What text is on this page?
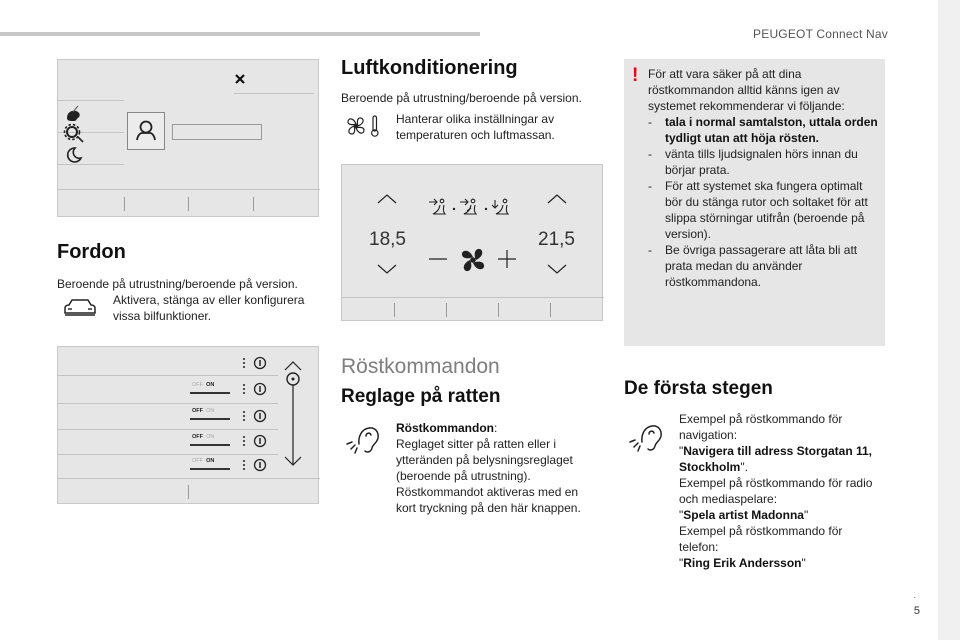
PEUGEOT Connect Nav
.
5
Fordon
Beroende på utrustning/beroende på version.
Aktivera, stänga av eller konfigurera vissa bilfunktioner.
OFF ON
OFF ON
OFF ON
OFF ON
Luftkonditionering
Beroende på utrustning/beroende på version.
Hanterar olika inställningar av temperaturen och luftmassan.
18,5	21,5
Röstkommandon
Reglage på ratten
Röstkommandon:
Reglaget sitter på ratten eller i ytteränden på belysningsreglaget (beroende på utrustning).
Röstkommandot aktiveras med en kort tryckning på den här knappen.
! För att vara säker på att dina röstkommandon alltid känns igen av systemet rekommenderar vi följande:
- tala i normal samtalston, uttala orden tydligt utan att höja rösten.
- vänta tills ljudsignalen hörs innan du börjar prata.
- För att systemet ska fungera optimalt bör du stänga rutor och soltaket för att slippa störningar utifrån (beroende på version).
- Be övriga passagerare att låta bli att prata medan du använder röstkommandona.
De första stegen
Exempel på röstkommando för navigation:
"Navigera till adress Storgatan 11, Stockholm".
Exempel på röstkommando för radio och mediaspelare:
"Spela artist Madonna"
Exempel på röstkommando för telefon:
"Ring Erik Andersson"
